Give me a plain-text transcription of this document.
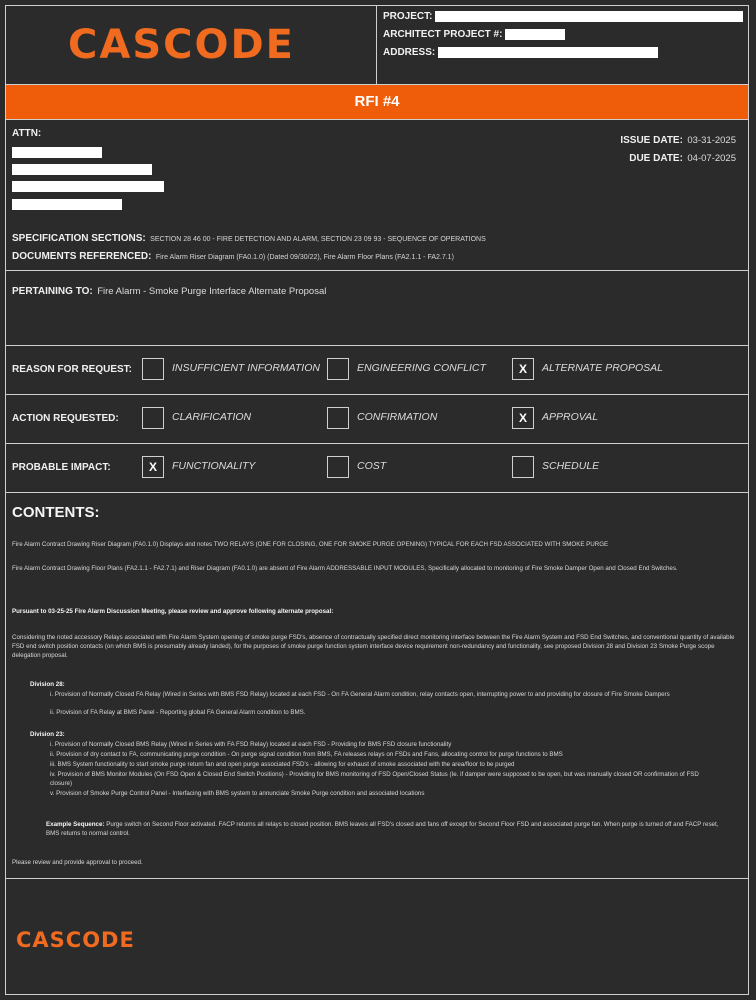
CASCODE
PROJECT:
ARCHITECT PROJECT #:
ADDRESS:
RFI #4
ATTN:
ISSUE DATE: 03-31-2025
DUE DATE: 04-07-2025
SPECIFICATION SECTIONS: SECTION 28 46 00 - FIRE DETECTION AND ALARM, SECTION 23 09 93 - SEQUENCE OF OPERATIONS
DOCUMENTS REFERENCED: Fire Alarm Riser Diagram (FA0.1.0) (Dated 09/30/22), Fire Alarm Floor Plans (FA2.1.1 - FA2.7.1)
PERTAINING TO: Fire Alarm - Smoke Purge Interface Alternate Proposal
REASON FOR REQUEST:	INSUFFICIENT INFORMATION	ENGINEERING CONFLICT	X	ALTERNATE PROPOSAL
ACTION REQUESTED:	CLARIFICATION	CONFIRMATION	X	APPROVAL
PROBABLE IMPACT:	X	FUNCTIONALITY	COST	SCHEDULE
CONTENTS:
Fire Alarm Contract Drawing Riser Diagram (FA0.1.0) Displays and notes TWO RELAYS (ONE FOR CLOSING, ONE FOR SMOKE PURGE OPENING) TYPICAL FOR EACH FSD ASSOCIATED WITH SMOKE PURGE
Fire Alarm Contract Drawing Floor Plans (FA2.1.1 - FA2.7.1) and Riser Diagram (FA0.1.0) are absent of Fire Alarm ADDRESSABLE INPUT MODULES, Specifically allocated to monitoring of Fire Smoke Damper Open and Closed End Switches.
Pursuant to 03-25-25 Fire Alarm Discussion Meeting, please review and approve following alternate proposal:
Considering the noted accessory Relays associated with Fire Alarm System opening of smoke purge FSD's, absence of contractually specified direct monitoring interface between the Fire Alarm System and FSD End Switches, and conventional quantity of available FSD end switch position contacts (on which BMS is presumably already landed), for the purposes of smoke purge function system interface device requirement non-redundancy and functionality, see proposed Division 28 and Division 23 Smoke Purge scope delegation proposal.
Division 28:
i. Provision of Normally Closed FA Relay (Wired in Series with BMS FSD Relay) located at each FSD - On FA General Alarm condition, relay contacts open, interrupting power to and providing for closure of Fire Smoke Dampers
ii. Provision of FA Relay at BMS Panel - Reporting global FA General Alarm condition to BMS.
Division 23:
i. Provision of Normally Closed BMS Relay (Wired in Series with FA FSD Relay) located at each FSD - Providing for BMS FSD closure functionality
ii. Provision of dry contact to FA, communicating purge condition - On purge signal condition from BMS, FA releases relays on FSDs and Fans, allocating control for purge functions to BMS
iii. BMS System functionality to start smoke purge return fan and open purge associated FSD's - allowing for exhaust of smoke associated with the area/floor to be purged
iv. Provision of BMS Monitor Modules (On FSD Open & Closed End Switch Positions) - Providing for BMS monitoring of FSD Open/Closed Status (Ie. if damper were supposed to be open, but was manually closed OR confirmation of FSD closure)
v. Provision of Smoke Purge Control Panel - Interfacing with BMS system to annunciate Smoke Purge condition and associated locations
Example Sequence: Purge switch on Second Floor activated. FACP returns all relays to closed position. BMS leaves all FSD's closed and fans off except for Second Floor FSD and associated purge fan. When purge is turned off and FACP reset, BMS returns to normal control.
Please review and provide approval to proceed.
CASCODE
